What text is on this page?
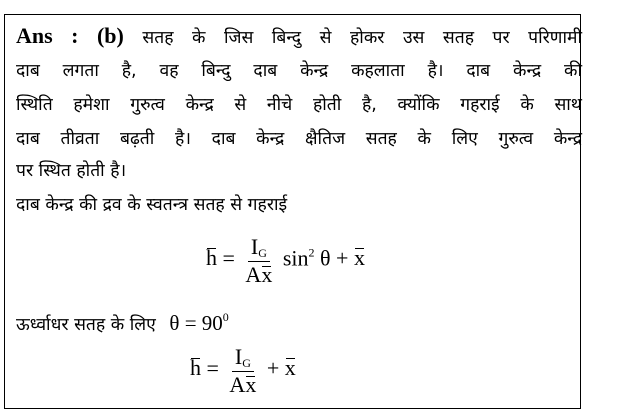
Ans : (b) सतह के जिस बिन्दु से होकर उस सतह पर परिणामी
दाब लगता है, वह बिन्दु दाब केन्द्र कहलाता है। दाब केन्द्र की
स्थिति हमेशा गुरुत्व केन्द्र से नीचे होती है, क्योंकि गहराई के साथ
दाब तीव्रता बढ़ती है। दाब केन्द्र क्षैतिज सतह के लिए गुरुत्व केन्द्र
पर स्थित होती है।
दाब केन्द्र की द्रव के स्वतन्त्र सतह से गहराई
$h = \frac{I_G}{Ax} \sin^2 \theta + x$
ऊर्ध्वाधर सतह के लिए $\theta = 90^0$
$h = \frac{I_G}{Ax} + x$
